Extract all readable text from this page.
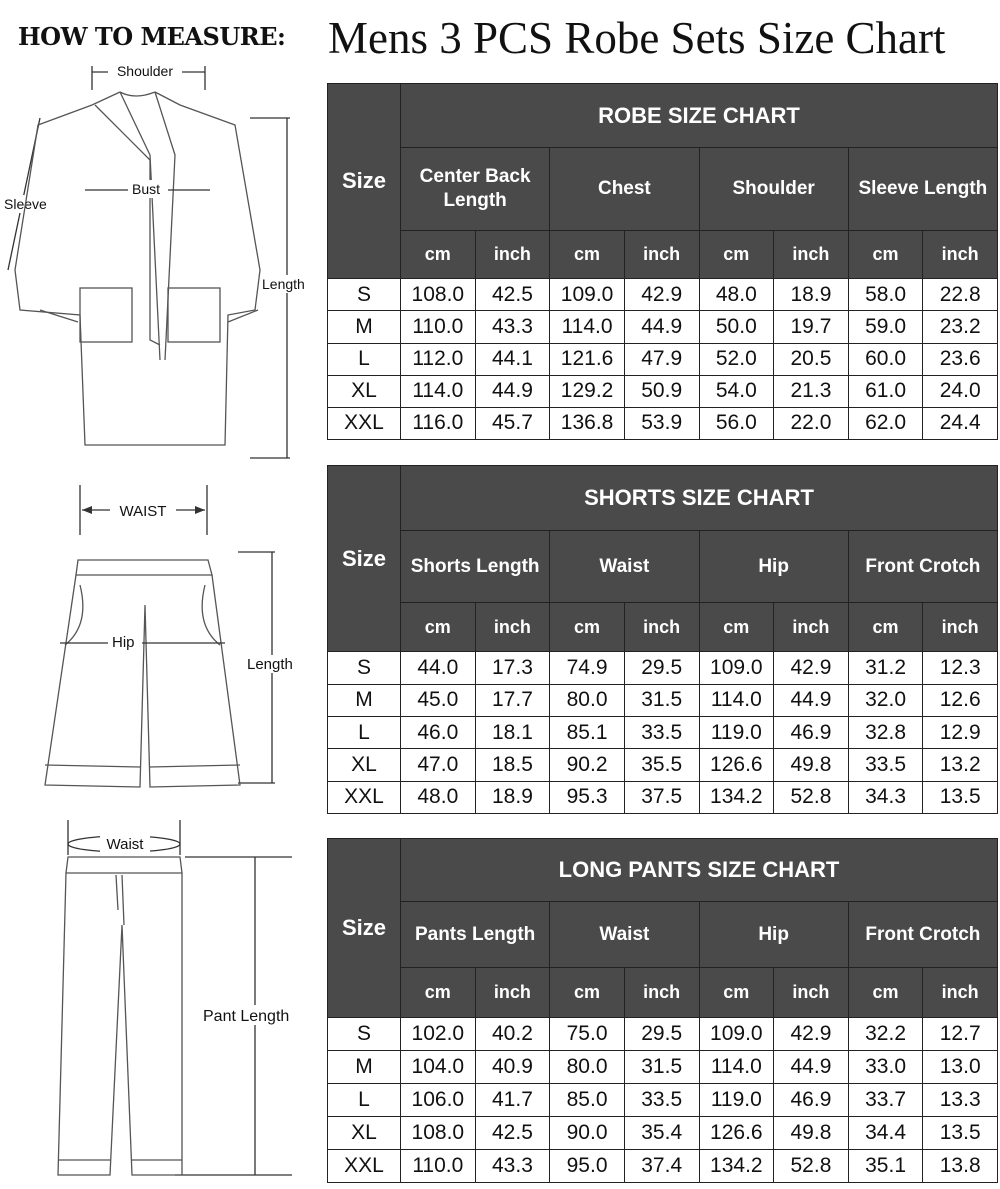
HOW TO MEASURE: Mens 3 PCS Robe Sets Size Chart
Shoulder
Sleeve
Length
Bust
WAIST
Length
Hip
Waist
Pant Length
Size	ROBE SIZE CHART							
	Center Back Length		Chest		Shoulder		Sleeve Length	
	cm	inch	cm	inch	cm	inch	cm	inch
S	108.0	42.5	109.0	42.9	48.0	18.9	58.0	22.8
M	110.0	43.3	114.0	44.9	50.0	19.7	59.0	23.2
L	112.0	44.1	121.6	47.9	52.0	20.5	60.0	23.6
XL	114.0	44.9	129.2	50.9	54.0	21.3	61.0	24.0
XXL	116.0	45.7	136.8	53.9	56.0	22.0	62.0	24.4
Size	SHORTS SIZE CHART							
	Shorts Length		Waist		Hip		Front Crotch	
	cm	inch	cm	inch	cm	inch	cm	inch
S	44.0	17.3	74.9	29.5	109.0	42.9	31.2	12.3
M	45.0	17.7	80.0	31.5	114.0	44.9	32.0	12.6
L	46.0	18.1	85.1	33.5	119.0	46.9	32.8	12.9
XL	47.0	18.5	90.2	35.5	126.6	49.8	33.5	13.2
XXL	48.0	18.9	95.3	37.5	134.2	52.8	34.3	13.5
Size	LONG PANTS SIZE CHART							
	Pants Length		Waist		Hip		Front Crotch	
	cm	inch	cm	inch	cm	inch	cm	inch
S	102.0	40.2	75.0	29.5	109.0	42.9	32.2	12.7
M	104.0	40.9	80.0	31.5	114.0	44.9	33.0	13.0
L	106.0	41.7	85.0	33.5	119.0	46.9	33.7	13.3
XL	108.0	42.5	90.0	35.4	126.6	49.8	34.4	13.5
XXL	110.0	43.3	95.0	37.4	134.2	52.8	35.1	13.8
